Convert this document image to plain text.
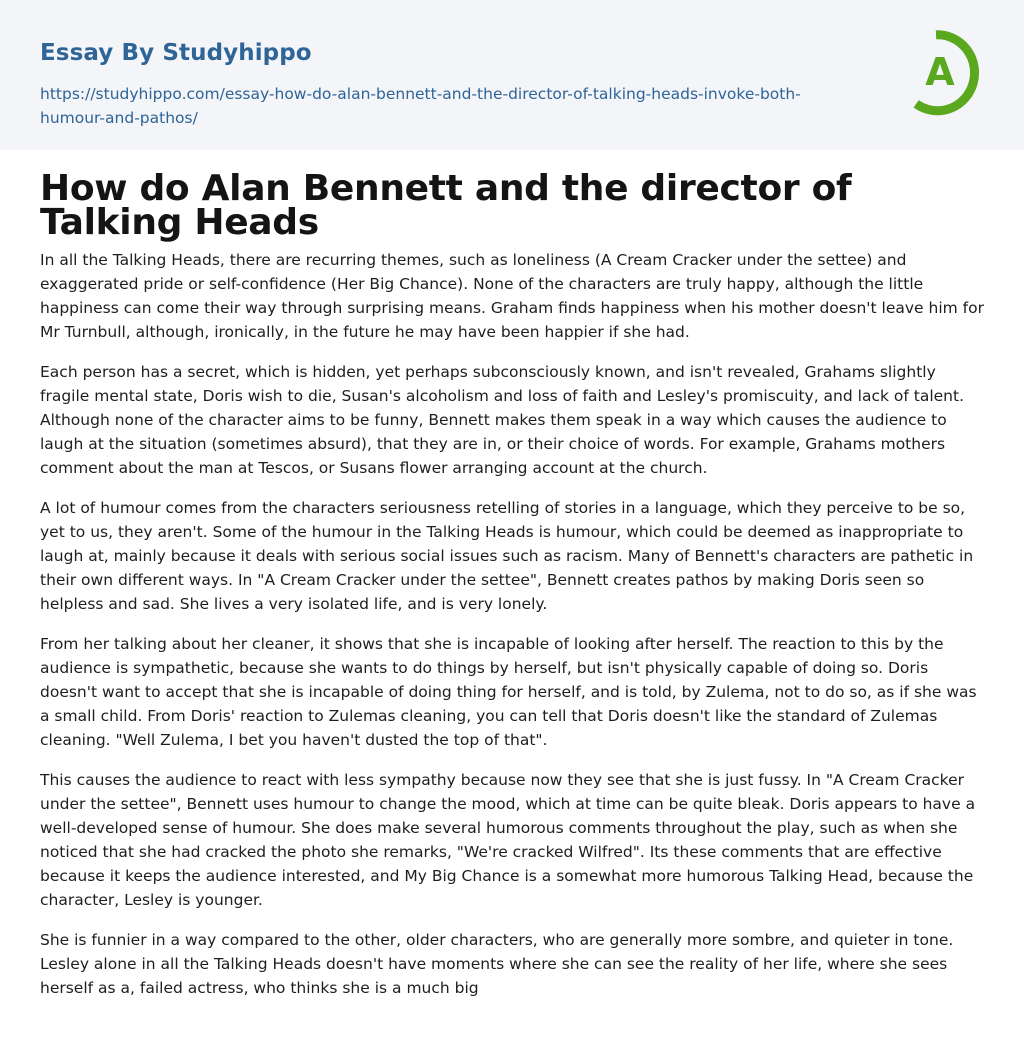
Essay By Studyhippo
https://studyhippo.com/essay-how-do-alan-bennett-and-the-director-of-talking-heads-invoke-both-humour-and-pathos/
A
How do Alan Bennett and the director of Talking Heads

In all the Talking Heads, there are recurring themes, such as loneliness (A Cream Cracker under the settee) and exaggerated pride or self-confidence (Her Big Chance). None of the characters are truly happy, although the little happiness can come their way through surprising means. Graham finds happiness when his mother doesn't leave him for Mr Turnbull, although, ironically, in the future he may have been happier if she had.

Each person has a secret, which is hidden, yet perhaps subconsciously known, and isn't revealed, Grahams slightly fragile mental state, Doris wish to die, Susan's alcoholism and loss of faith and Lesley's promiscuity, and lack of talent. Although none of the character aims to be funny, Bennett makes them speak in a way which causes the audience to laugh at the situation (sometimes absurd), that they are in, or their choice of words. For example, Grahams mothers comment about the man at Tescos, or Susans flower arranging account at the church.

A lot of humour comes from the characters seriousness retelling of stories in a language, which they perceive to be so, yet to us, they aren't. Some of the humour in the Talking Heads is humour, which could be deemed as inappropriate to laugh at, mainly because it deals with serious social issues such as racism. Many of Bennett's characters are pathetic in their own different ways. In "A Cream Cracker under the settee", Bennett creates pathos by making Doris seen so helpless and sad. She lives a very isolated life, and is very lonely.

From her talking about her cleaner, it shows that she is incapable of looking after herself. The reaction to this by the audience is sympathetic, because she wants to do things by herself, but isn't physically capable of doing so. Doris doesn't want to accept that she is incapable of doing thing for herself, and is told, by Zulema, not to do so, as if she was a small child. From Doris' reaction to Zulemas cleaning, you can tell that Doris doesn't like the standard of Zulemas cleaning. "Well Zulema, I bet you haven't dusted the top of that".

This causes the audience to react with less sympathy because now they see that she is just fussy. In "A Cream Cracker under the settee", Bennett uses humour to change the mood, which at time can be quite bleak. Doris appears to have a well-developed sense of humour. She does make several humorous comments throughout the play, such as when she noticed that she had cracked the photo she remarks, "We're cracked Wilfred". Its these comments that are effective because it keeps the audience interested, and My Big Chance is a somewhat more humorous Talking Head, because the character, Lesley is younger.

She is funnier in a way compared to the other, older characters, who are generally more sombre, and quieter in tone. Lesley alone in all the Talking Heads doesn't have moments where she can see the reality of her life, where she sees herself as a, failed actress, who thinks she is a much big
